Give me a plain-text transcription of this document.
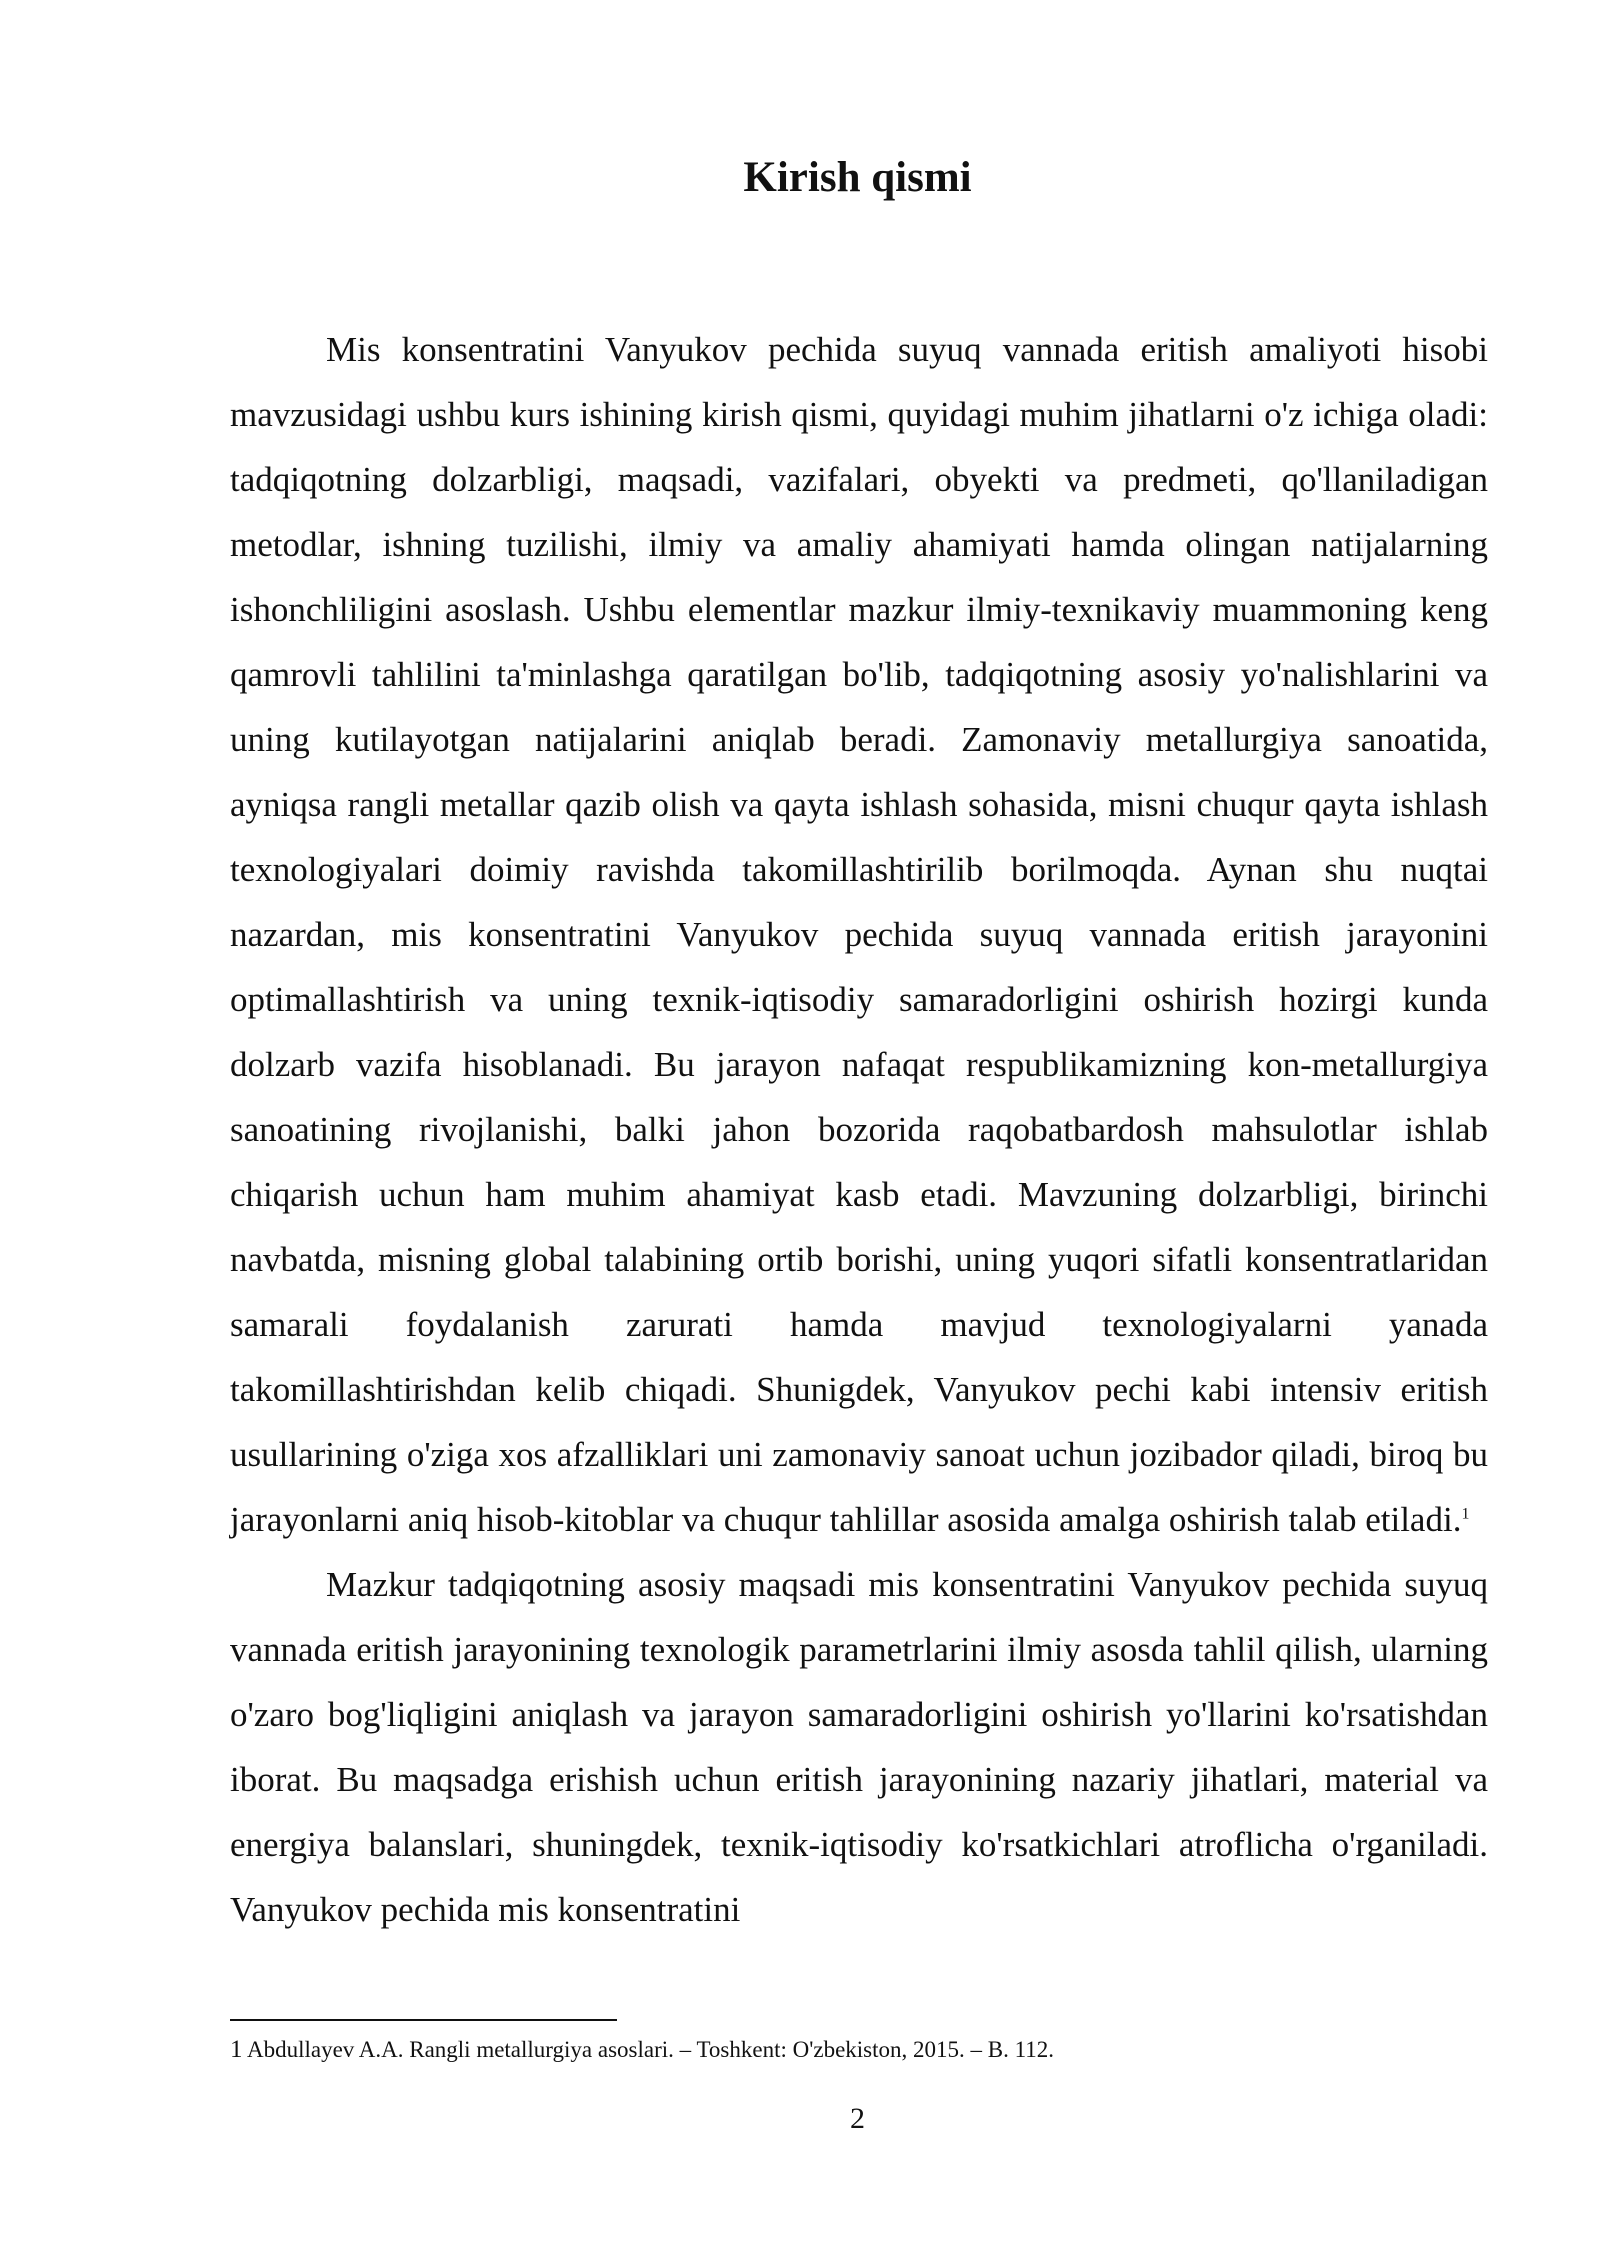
Kirish qismi

Mis konsentratini Vanyukov pechida suyuq vannada eritish amaliyoti hisobi mavzusidagi ushbu kurs ishining kirish qismi, quyidagi muhim jihatlarni o'z ichiga oladi: tadqiqotning dolzarbligi, maqsadi, vazifalari, obyekti va predmeti, qo'llaniladigan metodlar, ishning tuzilishi, ilmiy va amaliy ahamiyati hamda olingan natijalarning ishonchliligini asoslash. Ushbu elementlar mazkur ilmiy-texnikaviy muammoning keng qamrovli tahlilini ta'minlashga qaratilgan bo'lib, tadqiqotning asosiy yo'nalishlarini va uning kutilayotgan natijalarini aniqlab beradi. Zamonaviy metallurgiya sanoatida, ayniqsa rangli metallar qazib olish va qayta ishlash sohasida, misni chuqur qayta ishlash texnologiyalari doimiy ravishda takomillashtirilib borilmoqda. Aynan shu nuqtai nazardan, mis konsentratini Vanyukov pechida suyuq vannada eritish jarayonini optimallashtirish va uning texnik-iqtisodiy samaradorligini oshirish hozirgi kunda dolzarb vazifa hisoblanadi. Bu jarayon nafaqat respublikamizning kon-metallurgiya sanoatining rivojlanishi, balki jahon bozorida raqobatbardosh mahsulotlar ishlab chiqarish uchun ham muhim ahamiyat kasb etadi. Mavzuning dolzarbligi, birinchi navbatda, misning global talabining ortib borishi, uning yuqori sifatli konsentratlaridan samarali foydalanish zarurati hamda mavjud texnologiyalarni yanada takomillashtirishdan kelib chiqadi. Shunigdek, Vanyukov pechi kabi intensiv eritish usullarining o'ziga xos afzalliklari uni zamonaviy sanoat uchun jozibador qiladi, biroq bu jarayonlarni aniq hisob-kitoblar va chuqur tahlillar asosida amalga oshirish talab etiladi.$^1$

Mazkur tadqiqotning asosiy maqsadi mis konsentratini Vanyukov pechida suyuq vannada eritish jarayonining texnologik parametrlarini ilmiy asosda tahlil qilish, ularning o'zaro bog'liqligini aniqlash va jarayon samaradorligini oshirish yo'llarini ko'rsatishdan iborat. Bu maqsadga erishish uchun eritish jarayonining nazariy jihatlari, material va energiya balanslari, shuningdek, texnik-iqtisodiy ko'rsatkichlari atroflicha o'rganiladi. Vanyukov pechida mis konsentratini

1 Abdullayev A.A. Rangli metallurgiya asoslari. – Toshkent: O'zbekiston, 2015. – B. 112.
2
